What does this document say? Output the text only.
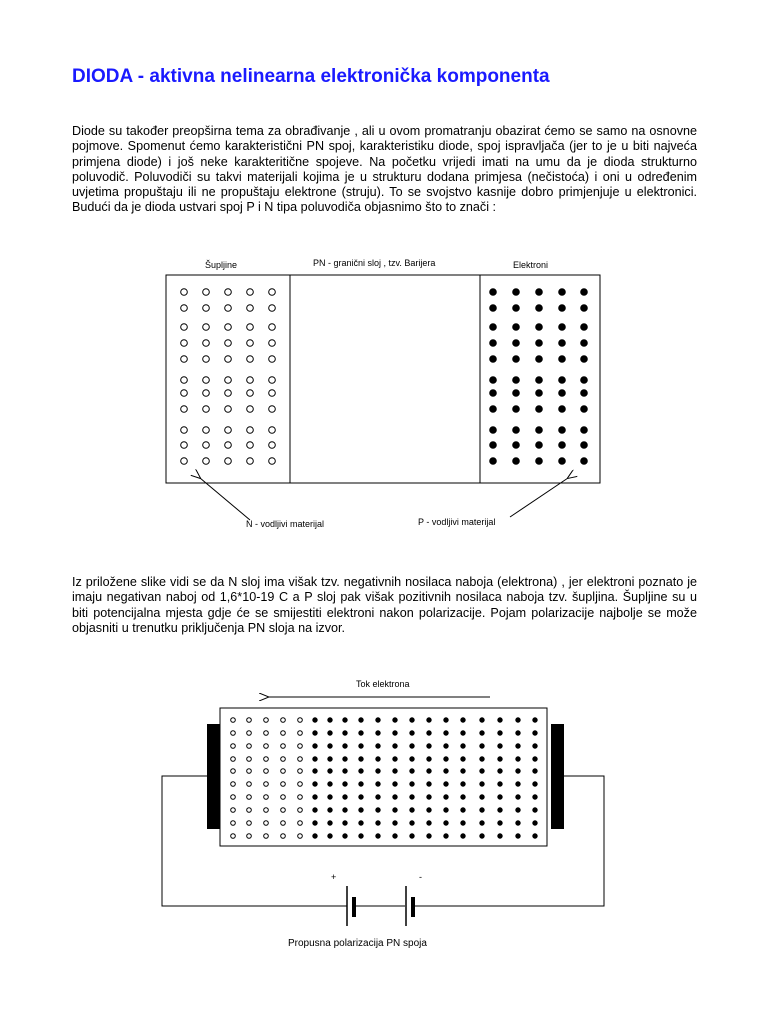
DIODA - aktivna nelinearna elektronička komponenta

Diode su također preopširna tema za obrađivanje , ali u ovom promatranju obazirat ćemo se samo na osnovne pojmove. Spomenut ćemo karakteristični PN spoj, karakteristiku diode, spoj ispravljača (jer to je u biti najveća primjena diode) i još neke karakteritične spojeve. Na početku vrijedi imati na umu da je dioda strukturno poluvodič. Poluvodiči su takvi materijali kojima je u strukturu dodana primjesa (nečistoća) i oni u određenim uvjetima propuštaju ili ne propuštaju elektrone (struju). To se svojstvo kasnije dobro primjenjuje u elektronici. Budući da je dioda ustvari spoj P i N tipa poluvodiča objasnimo što to znači :

Iz priložene slike vidi se da N sloj ima višak tzv. negativnih nosilaca naboja (elektrona) , jer elektroni poznato je imaju negativan naboj od 1,6*10-19 C a P sloj pak višak pozitivnih nosilaca naboja tzv. šupljina. Šupljine su u biti potencijalna mjesta gdje će se smijestiti elektroni nakon polarizacije. Pojam polarizacije najbolje se može objasniti u trenutku priključenja PN sloja na izvor.

Šupljine	PN - granični sloj , tzv. Barijera	Elektroni
N - vodljivi materijal	P - vodljivi materijal
Tok elektrona
+	-
Propusna polarizacija PN spoja
